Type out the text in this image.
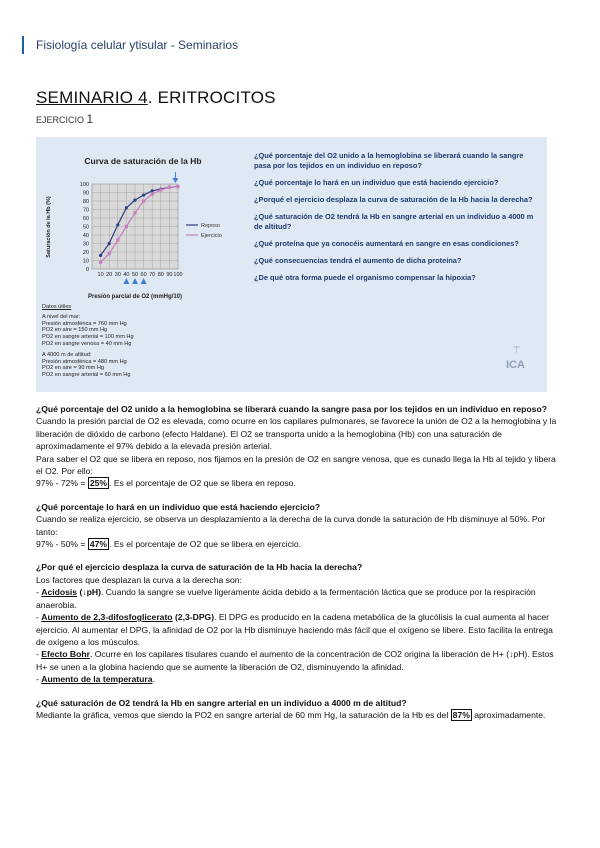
Fisiología celular ytisular - Seminarios
SEMINARIO 4. ERITROCITOS
EJERCICIO 1
Curva de saturación de la Hb
Saturación de la Hb (%)
Presión parcial de O2 (mmHg/10)
100
90
80
70
60
50
40
30
20
10
0
10 20 30 40 50 60 70 80 90 100
Reposo
Ejercicio
Datos útiles
A nivel del mar:
Presión atmosférica = 760 mm Hg
PO2 en aire = 150 mm Hg
PO2 en sangre arterial = 100 mm Hg
PO2 en sangre venosa = 40 mm Hg
A 4000 m de altitud:
Presión atmosférica = 480 mm Hg
PO2 en aire = 90 mm Hg
PO2 en sangre arterial = 60 mm Hg
¿Qué porcentaje del O2 unido a la hemoglobina se liberará cuando la sangre pasa por los tejidos en un individuo en reposo?
¿Qué porcentaje lo hará en un individuo que está haciendo ejercicio?
¿Porqué el ejercicio desplaza la curva de saturación de la Hb hacia la derecha?
¿Qué saturación de O2 tendrá la Hb en sangre arterial en un individuo a 4000 m de altitud?
¿Qué proteína que ya conocéis aumentará en sangre en esas condiciones?
¿Qué consecuencias tendrá el aumento de dicha proteína?
¿De qué otra forma puede el organismo compensar la hipoxia?
⚚
ICA

¿Qué porcentaje del O2 unido a la hemoglobina se liberará cuando la sangre pasa por los tejidos en un individuo en reposo?

Cuando la presión parcial de O2 es elevada, como ocurre en los capilares pulmonares, se favorece la unión de O2 a la hemoglobina y la liberación de dióxido de carbono (efecto Haldane). El O2 se transporta unido a la hemoglobina (Hb) con una saturación de aproximadamente el 97% debido a la elevada presión arterial.

Para saber el O2 que se libera en reposo, nos fijamos en la presión de O2 en sangre venosa, que es cunado llega la Hb al tejido y libera el O2. Por ello:

97% - 72% = 25% . Es el porcentaje de O2 que se libera en reposo.

¿Qué porcentaje lo hará en un individuo que está haciendo ejercicio?

Cuando se realiza ejercicio, se observa un desplazamiento a la derecha de la curva donde la saturación de Hb disminuye al 50%. Por tanto:

97% - 50% = 47% . Es el porcentaje de O2 que se libera en ejercicio.

¿Por qué el ejercicio desplaza la curva de saturación de la Hb hacia la derecha?

Los factores que desplazan la curva a la derecha son:

- Acidosis (↓pH). Cuando la sangre se vuelve ligeramente ácida debido a la fermentación láctica que se produce por la respiración anaerobia.

- Aumento de 2,3-difosfoglicerato (2,3-DPG). El DPG es producido en la cadena metabólica de la glucólisis la cual aumenta al hacer ejercicio. Al aumentar el DPG, la afinidad de O2 por la Hb disminuye haciendo más fácil que el oxígeno se libere. Esto facilita la entrega de oxígeno a los músculos.

- Efecto Bohr. Ocurre en los capilares tisulares cuando el aumento de la concentración de CO2 origina la liberación de H+ (↓pH). Estos H+ se unen a la globina haciendo que se aumente la liberación de O2, disminuyendo la afinidad.

- Aumento de la temperatura.

¿Qué saturación de O2 tendrá la Hb en sangre arterial en un individuo a 4000 m de altitud?

Mediante la gráfica, vemos que siendo la PO2 en sangre arterial de 60 mm Hg, la saturación de la Hb es del 87% aproximadamente.
